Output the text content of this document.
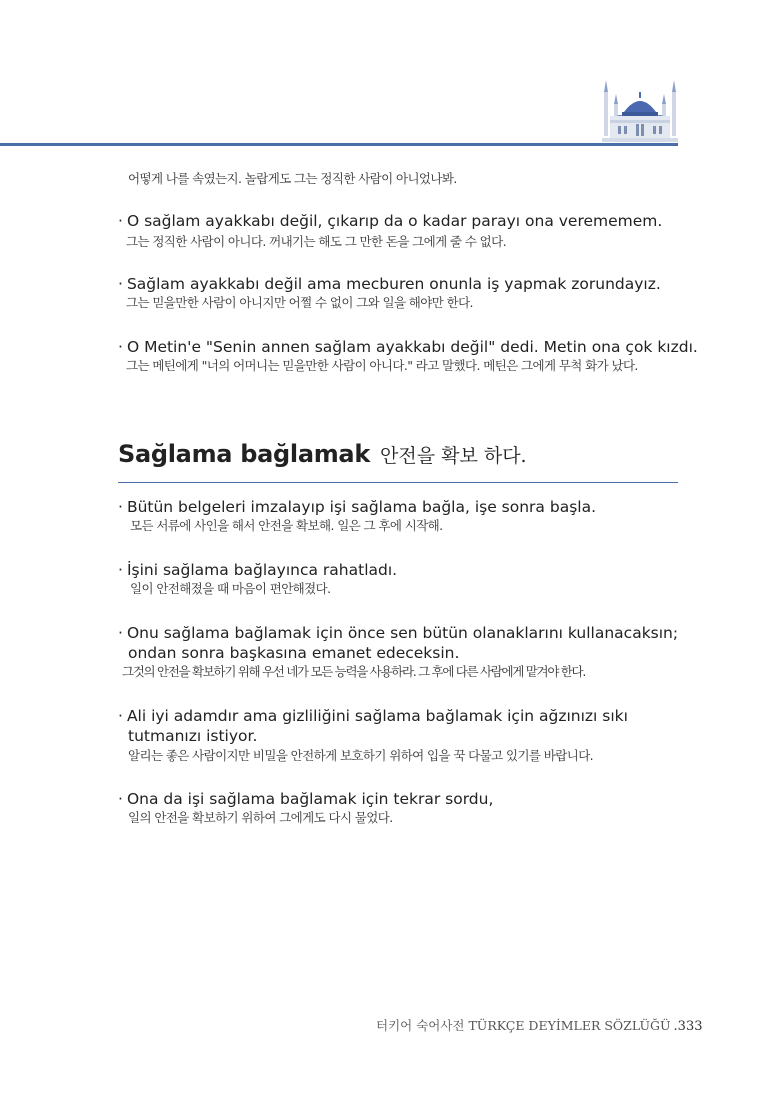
어떻게 나를 속였는지. 놀랍게도 그는 정직한 사람이 아니었나봐.
· O sağlam ayakkabı değil, çıkarıp da o kadar parayı ona verememem.
그는 정직한 사람이 아니다. 꺼내기는 해도 그 만한 돈을 그에게 줄 수 없다.
· Sağlam ayakkabı değil ama mecburen onunla iş yapmak zorundayız.
그는 믿을만한 사람이 아니지만 어쩔 수 없이 그와 일을 해야만 한다.
· O Metin'e "Senin annen sağlam ayakkabı değil" dedi. Metin ona çok kızdı.
그는 메틴에게 "너의 어머니는 믿을만한 사람이 아니다." 라고 말했다. 메틴은 그에게 무척 화가 났다.
Sağlama bağlamak 안전을 확보 하다.
· Bütün belgeleri imzalayıp işi sağlama bağla, işe sonra başla.
모든 서류에 사인을 해서 안전을 확보해. 일은 그 후에 시작해.
· İşini sağlama bağlayınca rahatladı.
일이 안전해졌을 때 마음이 편안해졌다.
· Onu sağlama bağlamak için önce sen bütün olanaklarını kullanacaksın;
ondan sonra başkasına emanet edeceksin.
그것의 안전을 확보하기 위해 우선 네가 모든 능력을 사용하라. 그 후에 다른 사람에게 맡겨야 한다.
· Ali iyi adamdır ama gizliliğini sağlama bağlamak için ağzınızı sıkı
tutmanızı istiyor.
알리는 좋은 사람이지만 비밀을 안전하게 보호하기 위하여 입을 꾹 다물고 있기를 바랍니다.
· Ona da işi sağlama bağlamak için tekrar sordu,
일의 안전을 확보하기 위하여 그에게도 다시 물었다.
터키어 숙어사전 TÜRKÇE DEYİMLER SÖZLÜĞÜ .333
